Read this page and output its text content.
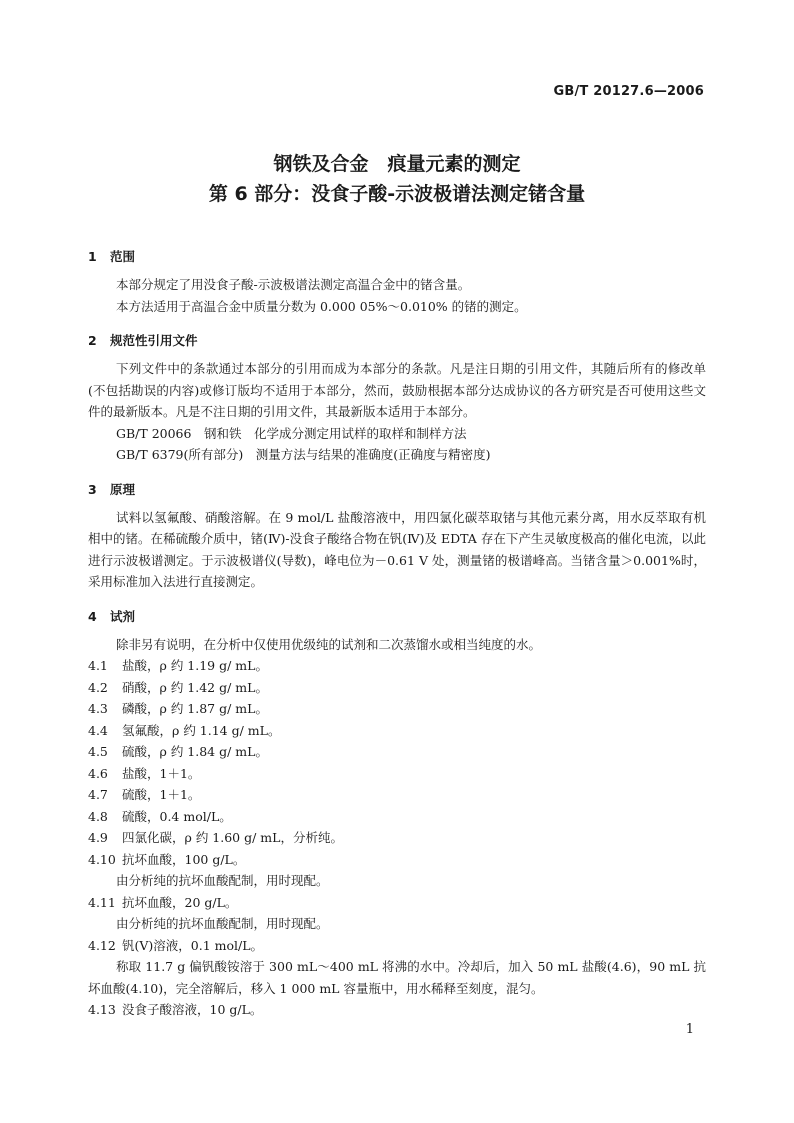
GB/T 20127.6—2006
钢铁及合金　痕量元素的测定
第 6 部分：没食子酸-示波极谱法测定锗含量
1 范围

本部分规定了用没食子酸-示波极谱法测定高温合金中的锗含量。

本方法适用于高温合金中质量分数为 0.000 05%～0.010% 的锗的测定。

2 规范性引用文件

下列文件中的条款通过本部分的引用而成为本部分的条款。凡是注日期的引用文件，其随后所有的修改单(不包括勘误的内容)或修订版均不适用于本部分，然而，鼓励根据本部分达成协议的各方研究是否可使用这些文件的最新版本。凡是不注日期的引用文件，其最新版本适用于本部分。

GB/T 20066　钢和铁　化学成分测定用试样的取样和制样方法

GB/T 6379(所有部分)　测量方法与结果的准确度(正确度与精密度)

3 原理

试料以氢氟酸、硝酸溶解。在 9 mol/L 盐酸溶液中，用四氯化碳萃取锗与其他元素分离，用水反萃取有机相中的锗。在稀硫酸介质中，锗(Ⅳ)-没食子酸络合物在钒(Ⅳ)及 EDTA 存在下产生灵敏度极高的催化电流，以此进行示波极谱测定。于示波极谱仪(导数)，峰电位为－0.61 V 处，测量锗的极谱峰高。当锗含量＞0.001%时，采用标准加入法进行直接测定。

4 试剂

除非另有说明，在分析中仅使用优级纯的试剂和二次蒸馏水或相当纯度的水。

4.1 盐酸，ρ 约 1.19 g/ mL。

4.2 硝酸，ρ 约 1.42 g/ mL。

4.3 磷酸，ρ 约 1.87 g/ mL。

4.4 氢氟酸，ρ 约 1.14 g/ mL。

4.5 硫酸，ρ 约 1.84 g/ mL。

4.6 盐酸，1＋1。

4.7 硫酸，1＋1。

4.8 硫酸，0.4 mol/L。

4.9 四氯化碳，ρ 约 1.60 g/ mL，分析纯。

4.10 抗坏血酸，100 g/L。

由分析纯的抗坏血酸配制，用时现配。

4.11 抗坏血酸，20 g/L。

由分析纯的抗坏血酸配制，用时现配。

4.12 钒(V)溶液，0.1 mol/L。

称取 11.7 g 偏钒酸铵溶于 300 mL～400 mL 将沸的水中。冷却后，加入 50 mL 盐酸(4.6)，90 mL 抗坏血酸(4.10)，完全溶解后，移入 1 000 mL 容量瓶中，用水稀释至刻度，混匀。

4.13 没食子酸溶液，10 g/L。

1
